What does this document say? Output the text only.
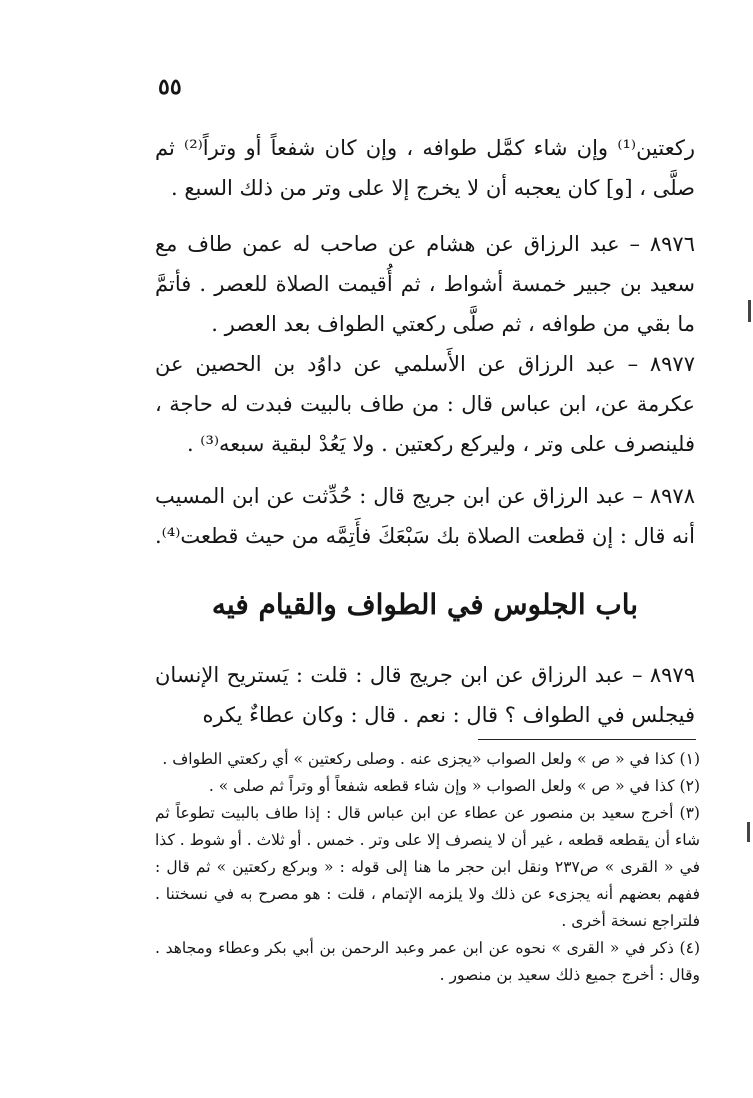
٥٥

ركعتين⁽¹⁾ وإن شاء كمَّل طوافه ، وإن كان شفعاً أو وتراً⁽²⁾ ثم صلَّى ، [و] كان يعجبه أن لا يخرج إلا على وتر من ذلك السبع .

٨٩٧٦ – عبد الرزاق عن هشام عن صاحب له عمن طاف مع سعيد بن جبير خمسة أشواط ، ثم أُقيمت الصلاة للعصر . فأتمَّ ما بقي من طوافه ، ثم صلَّى ركعتي الطواف بعد العصر .

٨٩٧٧ – عبد الرزاق عن الأَسلمي عن داوُد بن الحصين عن عكرمة عن، ابن عباس قال : من طاف بالبيت فبدت له حاجة ، فلينصرف على وتر ، وليركع ركعتين . ولا يَعُدْ لبقية سبعه⁽³⁾ .

٨٩٧٨ – عبد الرزاق عن ابن جريج قال : حُدِّثت عن ابن المسيب أنه قال : إن قطعت الصلاة بك سَبْعَكَ فأَتِمَّه من حيث قطعت⁽⁴⁾.

باب الجلوس في الطواف والقيام فيه

٨٩٧٩ – عبد الرزاق عن ابن جريج قال : قلت : يَستريح الإنسان فيجلس في الطواف ؟ قال : نعم . قال : وكان عطاءٌ يكره

(١) كذا في « ص » ولعل الصواب «يجزى عنه . وصلى ركعتين » أي ركعتي الطواف .

(٢) كذا في « ص » ولعل الصواب « وإن شاء قطعه شفعاً أو وتراً ثم صلى » .

(٣) أخرج سعيد بن منصور عن عطاء عن ابن عباس قال : إذا طاف بالبيت تطوعاً ثم شاء أن يقطعه قطعه ، غير أن لا ينصرف إلا على وتر . خمس . أو ثلاث . أو شوط . كذا في « القرى » ص٢٣٧ ونقل ابن حجر ما هنا إلى قوله : « وبركع ركعتين » ثم قال : ففهم بعضهم أنه يجزىء عن ذلك ولا يلزمه الإتمام ، قلت : هو مصرح به في نسختنا . فلتراجع نسخة أخرى .

(٤) ذكر في « القرى » نحوه عن ابن عمر وعبد الرحمن بن أبي بكر وعطاء ومجاهد . وقال : أخرج جميع ذلك سعيد بن منصور .
